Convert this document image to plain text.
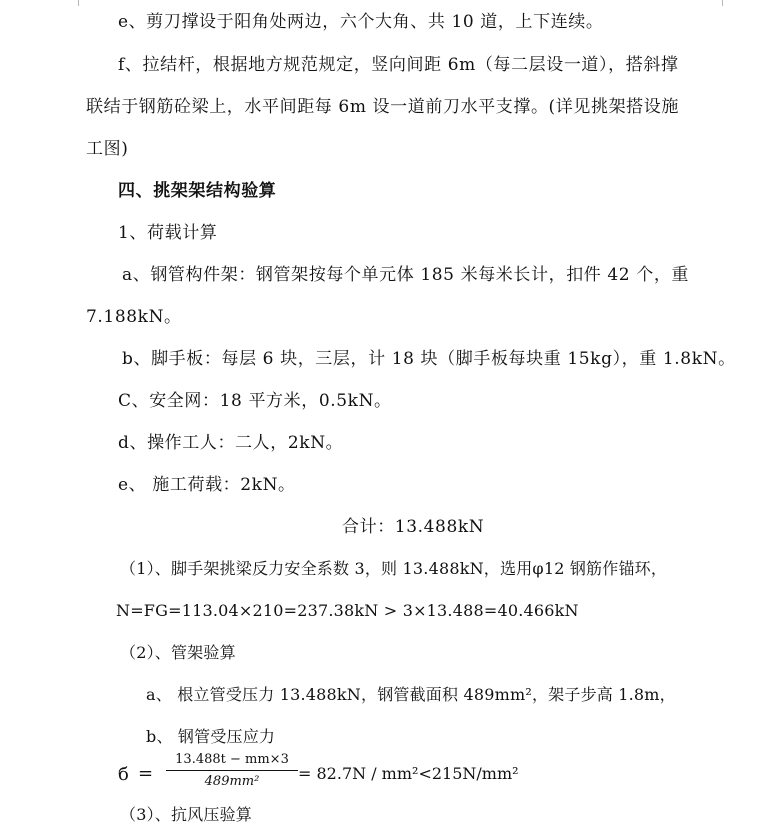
e、剪刀撑设于阳角处两边，六个大角、共 10 道，上下连续。
f、拉结杆，根据地方规范规定，竖向间距 6m（每二层设一道），搭斜撑
联结于钢筋砼梁上，水平间距每 6m 设一道前刀水平支撑。(详见挑架搭设施
工图)
四、挑架架结构验算
1、荷载计算
a、钢管构件架：钢管架按每个单元体 185 米每米长计，扣件 42 个，重
7.188kN。
b、脚手板：每层 6 块，三层，计 18 块（脚手板每块重 15kg），重 1.8kN。
C、安全网：18 平方米，0.5kN。
d、操作工人：二人，2kN。
e、 施工荷载：2kN。
合计：13.488kN
（1）、脚手架挑梁反力安全系数 3，则 13.488kN，选用φ12 钢筋作锚环，
N=FG=113.04×210=237.38kN > 3×13.488=40.466kN
（2）、管架验算
a、 根立管受压力 13.488kN，钢管截面积 489mm²，架子步高 1.8m，
b、 钢管受压应力
б =
13.488t − mm×3
489mm²	= 82.7N / mm²<215N/mm²
（3）、抗风压验算
